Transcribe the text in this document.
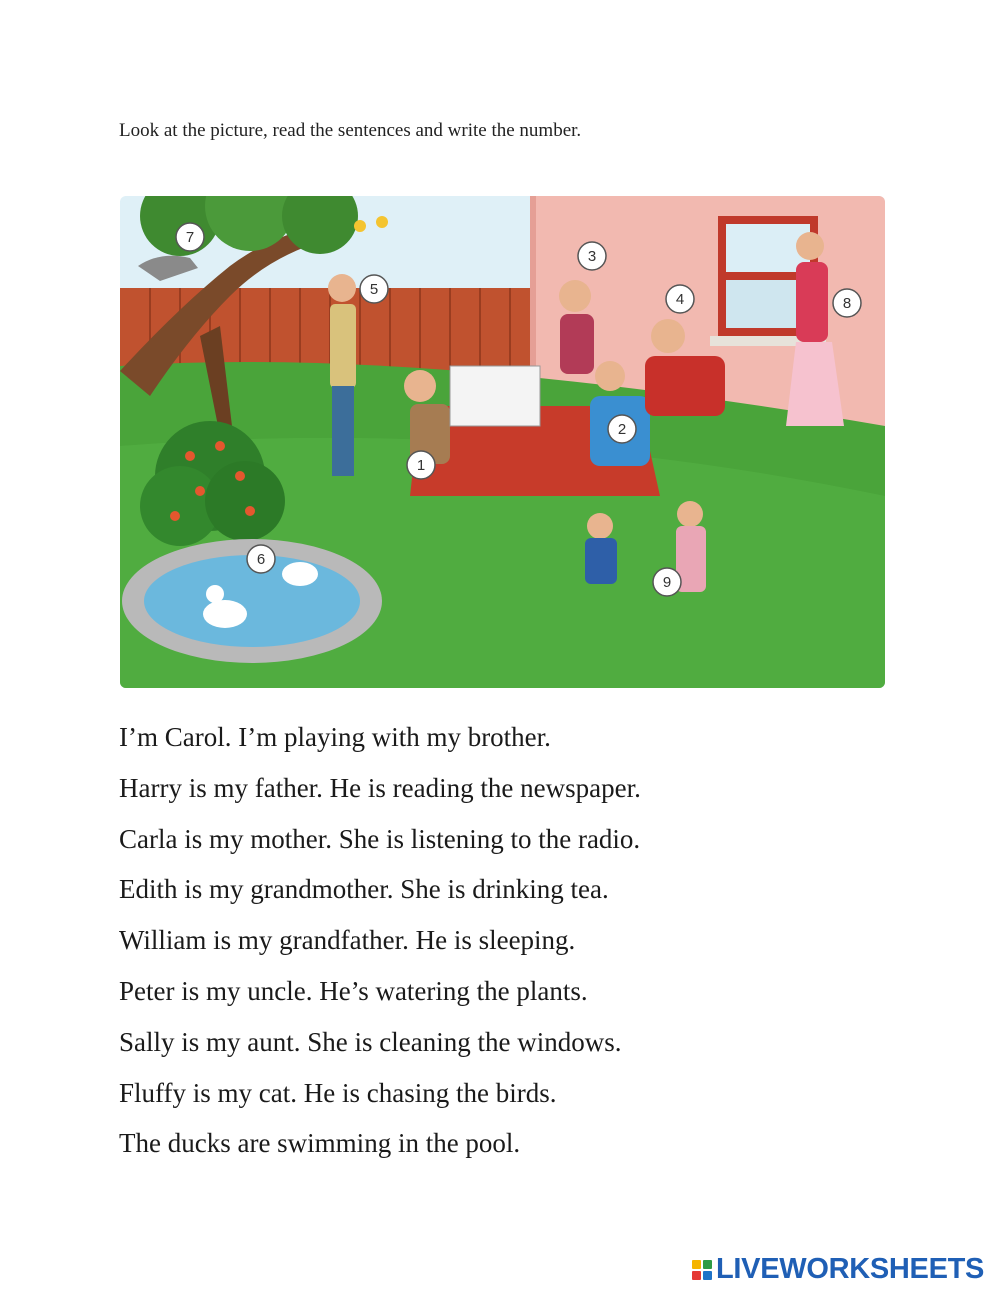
Look at the picture, read the sentences and write the number.
1
2
3
4
5
6
7
8
9
I’m Carol. I’m playing with my brother.
Harry is my father. He is reading the newspaper.
Carla is my mother. She is listening to the radio.
Edith is my grandmother. She is drinking tea.
William is my grandfather. He is sleeping.
Peter is my uncle. He’s watering the plants.
Sally is my aunt. She is cleaning the windows.
Fluffy is my cat. He is chasing the birds.
The ducks are swimming in the pool.
LIVEWORKSHEETS
